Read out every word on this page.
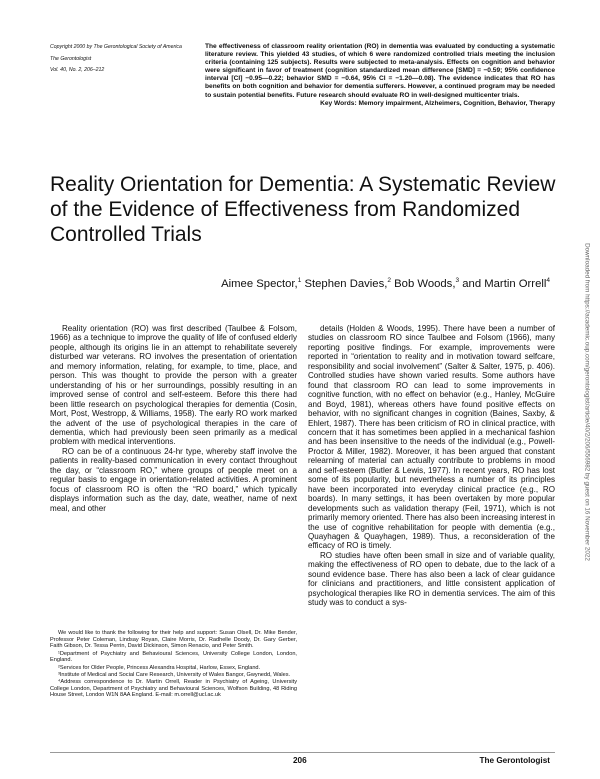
Copyright 2000 by The Gerontological Society of America

The Gerontologist

Vol. 40, No. 2, 206–212

The effectiveness of classroom reality orientation (RO) in dementia was evaluated by conducting a systematic literature review. This yielded 43 studies, of which 6 were randomized controlled trials meeting the inclusion criteria (containing 125 subjects). Results were subjected to meta-analysis. Effects on cognition and behavior were significant in favor of treatment (cognition standardized mean difference [SMD] = −0.59; 95% confidence interval [CI] −0.95—0.22; behavior SMD = −0.64, 95% CI = −1.20—0.08). The evidence indicates that RO has benefits on both cognition and behavior for dementia sufferers. However, a continued program may be needed to sustain potential benefits. Future research should evaluate RO in well-designed multicenter trials.

Key Words: Memory impairment, Alzheimers, Cognition, Behavior, Therapy

Reality Orientation for Dementia: A Systematic Review of the Evidence of Effectiveness from Randomized Controlled Trials
Aimee Spector,$^1$ Stephen Davies,$^2$ Bob Woods,$^3$ and Martin Orrell$^4$

Reality orientation (RO) was first described (Taulbee & Folsom, 1966) as a technique to improve the quality of life of confused elderly people, although its origins lie in an attempt to rehabilitate severely disturbed war veterans. RO involves the presentation of orientation and memory information, relating, for example, to time, place, and person. This was thought to provide the person with a greater understanding of his or her surroundings, possibly resulting in an improved sense of control and self-esteem. Before this there had been little research on psychological therapies for dementia (Cosin, Mort, Post, Westropp, & Williams, 1958). The early RO work marked the advent of the use of psychological therapies in the care of dementia, which had previously been seen primarily as a medical problem with medical interventions.

RO can be of a continuous 24-hr type, whereby staff involve the patients in reality-based communication in every contact throughout the day, or “classroom RO,” where groups of people meet on a regular basis to engage in orientation-related activities. A prominent focus of classroom RO is often the “RO board,” which typically displays information such as the day, date, weather, name of next meal, and other

details (Holden & Woods, 1995). There have been a number of studies on classroom RO since Taulbee and Folsom (1966), many reporting positive findings. For example, improvements were reported in “orientation to reality and in motivation toward selfcare, responsibility and social involvement” (Salter & Salter, 1975, p. 406). Controlled studies have shown varied results. Some authors have found that classroom RO can lead to some improvements in cognitive function, with no effect on behavior (e.g., Hanley, McGuire and Boyd, 1981), whereas others have found positive effects on behavior, with no significant changes in cognition (Baines, Saxby, & Ehlert, 1987). There has been criticism of RO in clinical practice, with concern that it has sometimes been applied in a mechanical fashion and has been insensitive to the needs of the individual (e.g., Powell-Proctor & Miller, 1982). Moreover, it has been argued that constant relearning of material can actually contribute to problems in mood and self-esteem (Butler & Lewis, 1977). In recent years, RO has lost some of its popularity, but nevertheless a number of its principles have been incorporated into everyday clinical practice (e.g., RO boards). In many settings, it has been overtaken by more popular developments such as validation therapy (Feil, 1971), which is not primarily memory oriented. There has also been increasing interest in the use of cognitive rehabilitation for people with dementia (e.g., Quayhagen & Quayhagen, 1989). Thus, a reconsideration of the efficacy of RO is timely.

RO studies have often been small in size and of variable quality, making the effectiveness of RO open to debate, due to the lack of a sound evidence base. There has also been a lack of clear guidance for clinicians and practitioners, and little consistent application of psychological therapies like RO in dementia services. The aim of this study was to conduct a sys-

We would like to thank the following for their help and support: Susan Olsell, Dr. Mike Bender, Professor Peter Coleman, Lindsay Royan, Claire Morris, Dr. Radhelle Doody, Dr. Gary Gerber, Faith Gibson, Dr. Tessa Perrin, David Dickinson, Simon Renacio, and Peter Smith.

¹Department of Psychiatry and Behavioural Sciences, University College London, London, England.

²Services for Older People, Princess Alexandra Hospital, Harlow, Essex, England.

³Institute of Medical and Social Care Research, University of Wales Bangor, Gwynedd, Wales.

⁴Address correspondence to Dr. Martin Orrell, Reader in Psychiatry of Ageing, University College London, Department of Psychiatry and Behavioural Sciences, Wolfson Building, 48 Riding House Street, London W1N 8AA England. E-mail: m.orrell@ucl.ac.uk

206	The Gerontologist
Downloaded from https://academic.oup.com/gerontologist/article/40/2/206/556982 by guest on 16 November 2022
